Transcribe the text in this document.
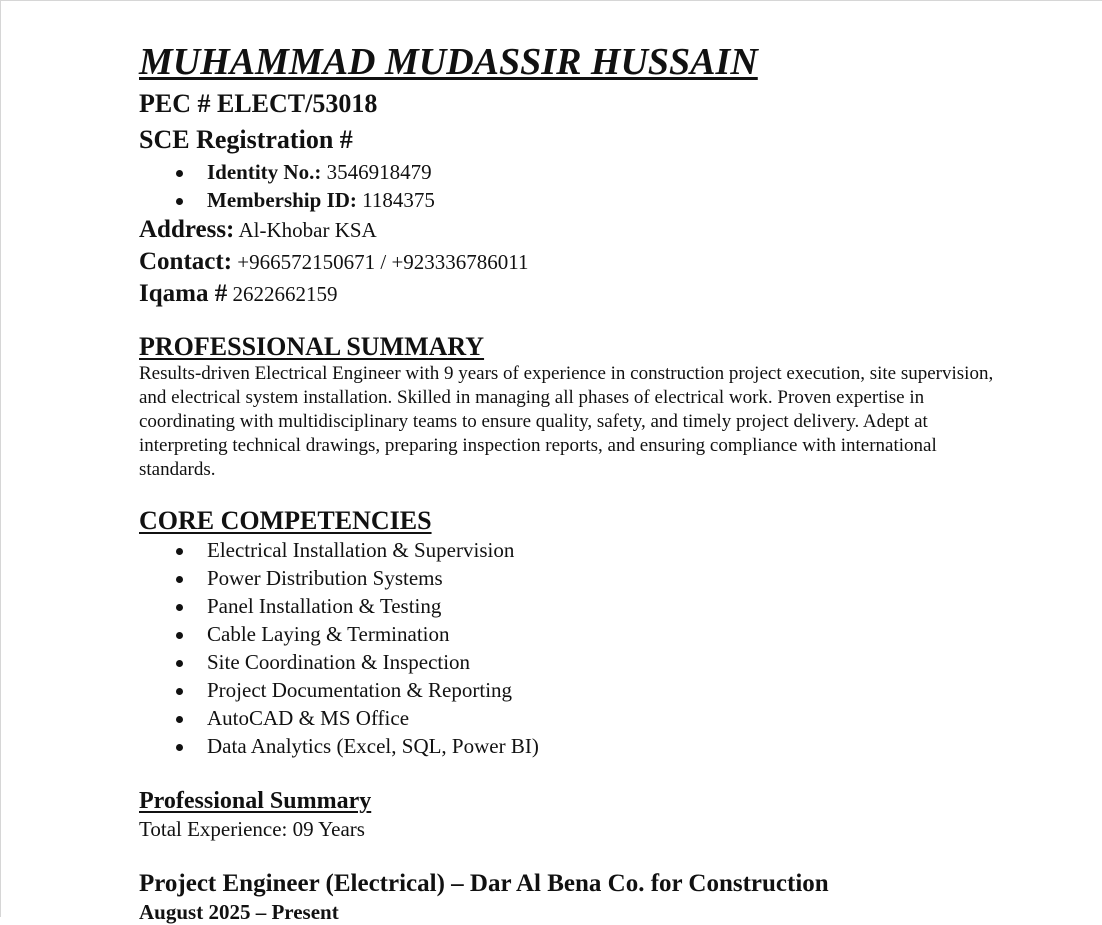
MUHAMMAD MUDASSIR HUSSAIN

PEC # ELECT/53018

SCE Registration #

Identity No.: 3546918479
Membership ID: 1184375

Address: Al-Khobar KSA

Contact: +966572150671 / +923336786011

Iqama # 2622662159

PROFESSIONAL SUMMARY

Results-driven Electrical Engineer with 9 years of experience in construction project execution, site supervision, and electrical system installation. Skilled in managing all phases of electrical work. Proven expertise in coordinating with multidisciplinary teams to ensure quality, safety, and timely project delivery. Adept at interpreting technical drawings, preparing inspection reports, and ensuring compliance with international standards.

CORE COMPETENCIES
Electrical Installation & Supervision
Power Distribution Systems
Panel Installation & Testing
Cable Laying & Termination
Site Coordination & Inspection
Project Documentation & Reporting
AutoCAD & MS Office
Data Analytics (Excel, SQL, Power BI)
Professional Summary

Total Experience: 09 Years

Project Engineer (Electrical) – Dar Al Bena Co. for Construction

August 2025 – Present
